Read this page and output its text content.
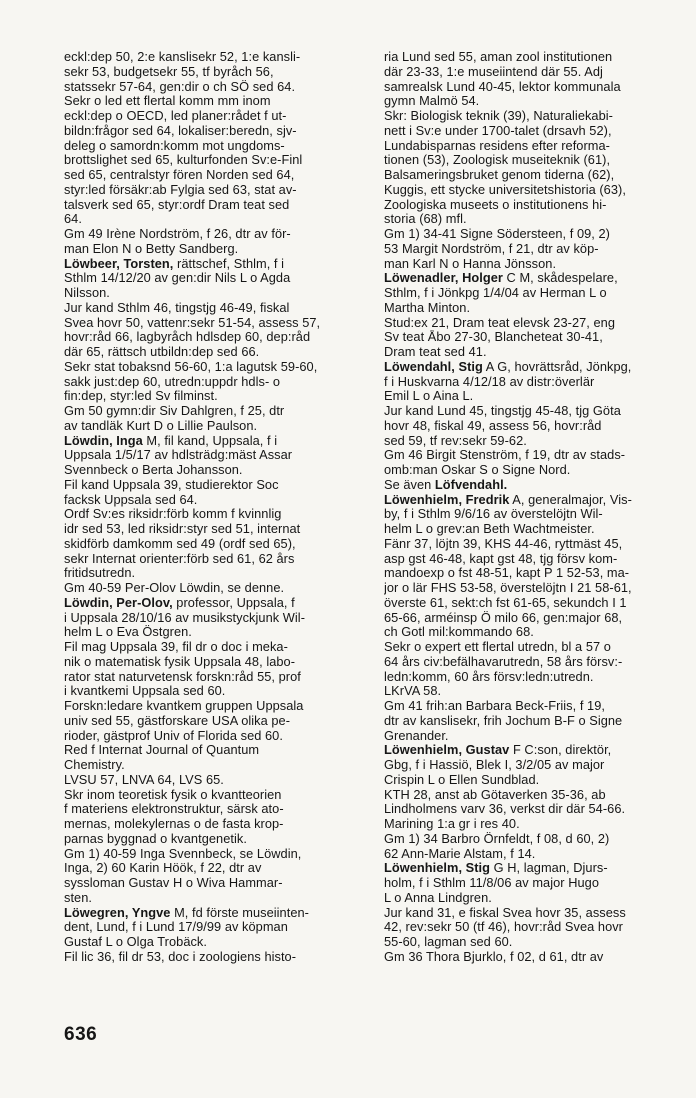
eckl:dep 50, 2:e kanslisekr 52, 1:e kansli-
sekr 53, budgetsekr 55, tf byråch 56,
statssekr 57-64, gen:dir o ch SÖ sed 64.
Sekr o led ett flertal komm mm inom
eckl:dep o OECD, led planer:rådet f ut-
bildn:frågor sed 64, lokaliser:beredn, sjv-
deleg o samordn:komm mot ungdoms-
brottslighet sed 65, kulturfonden Sv:e-Finl
sed 65, centralstyr fören Norden sed 64,
styr:led försäkr:ab Fylgia sed 63, stat av-
talsverk sed 65, styr:ordf Dram teat sed
64.
Gm 49 Irène Nordström, f 26, dtr av för-
man Elon N o Betty Sandberg.
Löwbeer, Torsten, rättschef, Sthlm, f i
Sthlm 14/12/20 av gen:dir Nils L o Agda
Nilsson.
Jur kand Sthlm 46, tingstjg 46-49, fiskal
Svea hovr 50, vattenr:sekr 51-54, assess 57,
hovr:råd 66, lagbyråch hdlsdep 60, dep:råd
där 65, rättsch utbildn:dep sed 66.
Sekr stat tobaksnd 56-60, 1:a lagutsk 59-60,
sakk just:dep 60, utredn:uppdr hdls- o
fin:dep, styr:led Sv filminst.
Gm 50 gymn:dir Siv Dahlgren, f 25, dtr
av tandläk Kurt D o Lillie Paulson.
Löwdin, Inga M, fil kand, Uppsala, f i
Uppsala 1/5/17 av hdlsträdg:mäst Assar
Svennbeck o Berta Johansson.
Fil kand Uppsala 39, studierektor Soc
facksk Uppsala sed 64.
Ordf Sv:es riksidr:förb komm f kvinnlig
idr sed 53, led riksidr:styr sed 51, internat
skidförb damkomm sed 49 (ordf sed 65),
sekr Internat orienter:förb sed 61, 62 års
fritidsutredn.
Gm 40-59 Per-Olov Löwdin, se denne.
Löwdin, Per-Olov, professor, Uppsala, f
i Uppsala 28/10/16 av musikstyckjunk Wil-
helm L o Eva Östgren.
Fil mag Uppsala 39, fil dr o doc i meka-
nik o matematisk fysik Uppsala 48, labo-
rator stat naturvetensk forskn:råd 55, prof
i kvantkemi Uppsala sed 60.
Forskn:ledare kvantkem gruppen Uppsala
univ sed 55, gästforskare USA olika pe-
rioder, gästprof Univ of Florida sed 60.
Red f Internat Journal of Quantum
Chemistry.
LVSU 57, LNVA 64, LVS 65.
Skr inom teoretisk fysik o kvantteorien
f materiens elektronstruktur, särsk ato-
mernas, molekylernas o de fasta krop-
parnas byggnad o kvantgenetik.
Gm 1) 40-59 Inga Svennbeck, se Löwdin,
Inga, 2) 60 Karin Höök, f 22, dtr av
syssloman Gustav H o Wiva Hammar-
sten.
Löwegren, Yngve M, fd förste museiinten-
dent, Lund, f i Lund 17/9/99 av köpman
Gustaf L o Olga Trobäck.
Fil lic 36, fil dr 53, doc i zoologiens histo-
ria Lund sed 55, aman zool institutionen
där 23-33, 1:e museiintend där 55. Adj
samrealsk Lund 40-45, lektor kommunala
gymn Malmö 54.
Skr: Biologisk teknik (39), Naturaliekabi-
nett i Sv:e under 1700-talet (drsavh 52),
Lundabisparnas residens efter reforma-
tionen (53), Zoologisk museiteknik (61),
Balsameringsbruket genom tiderna (62),
Kuggis, ett stycke universitetshistoria (63),
Zoologiska museets o institutionens hi-
storia (68) mfl.
Gm 1) 34-41 Signe Södersteen, f 09, 2)
53 Margit Nordström, f 21, dtr av köp-
man Karl N o Hanna Jönsson.
Löwenadler, Holger C M, skådespelare,
Sthlm, f i Jönkpg 1/4/04 av Herman L o
Martha Minton.
Stud:ex 21, Dram teat elevsk 23-27, eng
Sv teat Åbo 27-30, Blancheteat 30-41,
Dram teat sed 41.
Löwendahl, Stig A G, hovrättsråd, Jönkpg,
f i Huskvarna 4/12/18 av distr:överlär
Emil L o Aina L.
Jur kand Lund 45, tingstjg 45-48, tjg Göta
hovr 48, fiskal 49, assess 56, hovr:råd
sed 59, tf rev:sekr 59-62.
Gm 46 Birgit Stenström, f 19, dtr av stads-
omb:man Oskar S o Signe Nord.
Se även Löfvendahl.
Löwenhielm, Fredrik A, generalmajor, Vis-
by, f i Sthlm 9/6/16 av överstelöjtn Wil-
helm L o grev:an Beth Wachtmeister.
Fänr 37, löjtn 39, KHS 44-46, ryttmäst 45,
asp gst 46-48, kapt gst 48, tjg försv kom-
mandoexp o fst 48-51, kapt P 1 52-53, ma-
jor o lär FHS 53-58, överstelöjtn I 21 58-61,
överste 61, sekt:ch fst 61-65, sekundch I 1
65-66, arméinsp Ö milo 66, gen:major 68,
ch Gotl mil:kommando 68.
Sekr o expert ett flertal utredn, bl a 57 o
64 års civ:befälhavarutredn, 58 års försv:-
ledn:komm, 60 års försv:ledn:utredn.
LKrVA 58.
Gm 41 frih:an Barbara Beck-Friis, f 19,
dtr av kanslisekr, frih Jochum B-F o Signe
Grenander.
Löwenhielm, Gustav F C:son, direktör,
Gbg, f i Hassiö, Blek I, 3/2/05 av major
Crispin L o Ellen Sundblad.
KTH 28, anst ab Götaverken 35-36, ab
Lindholmens varv 36, verkst dir där 54-66.
Marining 1:a gr i res 40.
Gm 1) 34 Barbro Örnfeldt, f 08, d 60, 2)
62 Ann-Marie Alstam, f 14.
Löwenhielm, Stig G H, lagman, Djurs-
holm, f i Sthlm 11/8/06 av major Hugo
L o Anna Lindgren.
Jur kand 31, e fiskal Svea hovr 35, assess
42, rev:sekr 50 (tf 46), hovr:råd Svea hovr
55-60, lagman sed 60.
Gm 36 Thora Bjurklo, f 02, d 61, dtr av
636
